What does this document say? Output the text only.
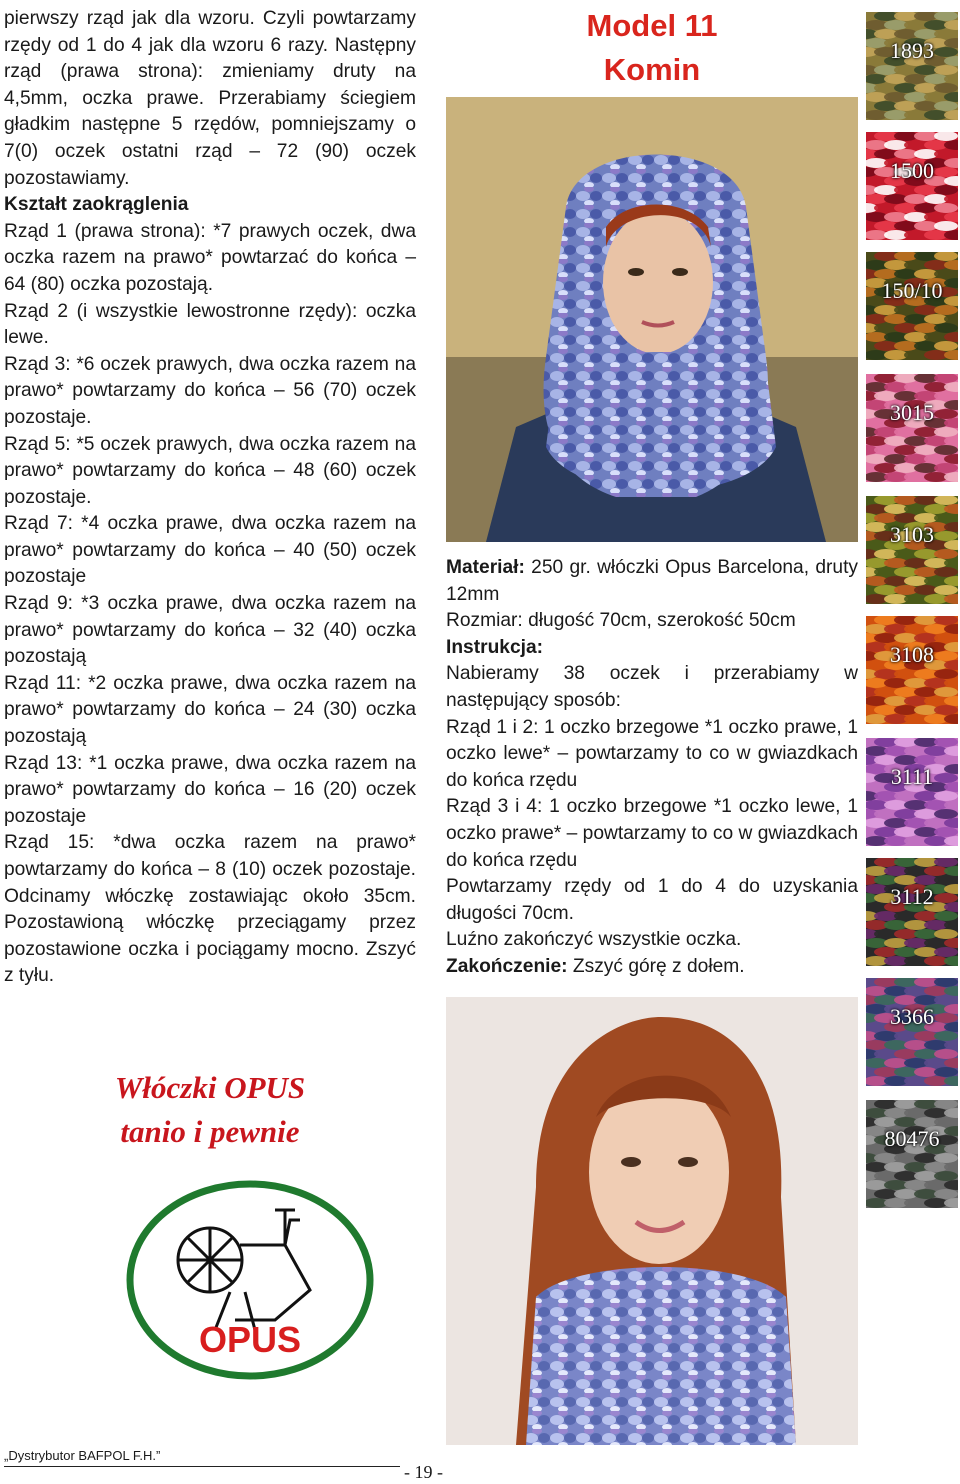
pierwszy rząd jak dla wzoru. Czyli powtarzamy rzędy od 1 do 4 jak dla wzoru 6 razy. Następny rząd (prawa strona): zmieniamy druty na 4,5mm, oczka prawe. Przerabiamy ściegiem gładkim następne 5 rzędów, pomniejszamy o 7(0) oczek ostatni rząd – 72 (90) oczek pozostawiamy.

Kształt zaokrąglenia

Rząd 1 (prawa strona): *7 prawych oczek, dwa oczka razem na prawo* powtarzać do końca – 64 (80) oczka pozostają.

Rząd 2 (i wszystkie lewostronne rzędy): oczka lewe.

Rząd 3: *6 oczek prawych, dwa oczka razem na prawo* powtarzamy do końca – 56 (70) oczek pozostaje.

Rząd 5: *5 oczek prawych, dwa oczka razem na prawo* powtarzamy do końca – 48 (60) oczek pozostaje.

Rząd 7: *4 oczka prawe, dwa oczka razem na prawo* powtarzamy do końca – 40 (50) oczek pozostaje

Rząd 9: *3 oczka prawe, dwa oczka razem na prawo* powtarzamy do końca – 32 (40) oczka pozostają

Rząd 11: *2 oczka prawe, dwa oczka razem na prawo* powtarzamy do końca – 24 (30) oczka pozostają

Rząd 13: *1 oczka prawe, dwa oczka razem na prawo* powtarzamy do końca – 16 (20) oczek pozostaje

Rząd 15: *dwa oczka razem na prawo* powtarzamy do końca – 8 (10) oczek pozostaje. Odcinamy włóczkę zostawiając około 35cm. Pozostawioną włóczkę przeciągamy przez pozostawione oczka i pociągamy mocno. Zszyć z tyłu.

Model 11
Komin

Materiał: 250 gr. włóczki Opus Barcelona, druty 12mm

Rozmiar: długość 70cm, szerokość 50cm

Instrukcja:

Nabieramy 38 oczek i przerabiamy w następujący sposób:

Rząd 1 i 2: 1 oczko brzegowe *1 oczko prawe, 1 oczko lewe* – powtarzamy to co w gwiazdkach do końca rzędu

Rząd 3 i 4: 1 oczko brzegowe *1 oczko lewe, 1 oczko prawe* – powtarzamy to co w gwiazdkach do końca rzędu

Powtarzamy rzędy od 1 do 4 do uzyskania długości 70cm.

Luźno zakończyć wszystkie oczka.

Zakończenie: Zszyć górę z dołem.

1893
1500
150/10
3015
3103
3108
3111
3112
3366
80476
Włóczki OPUS
tanio i pewnie
OPUS
„Dystrybutor BAFPOL F.H.”
- 19 -
